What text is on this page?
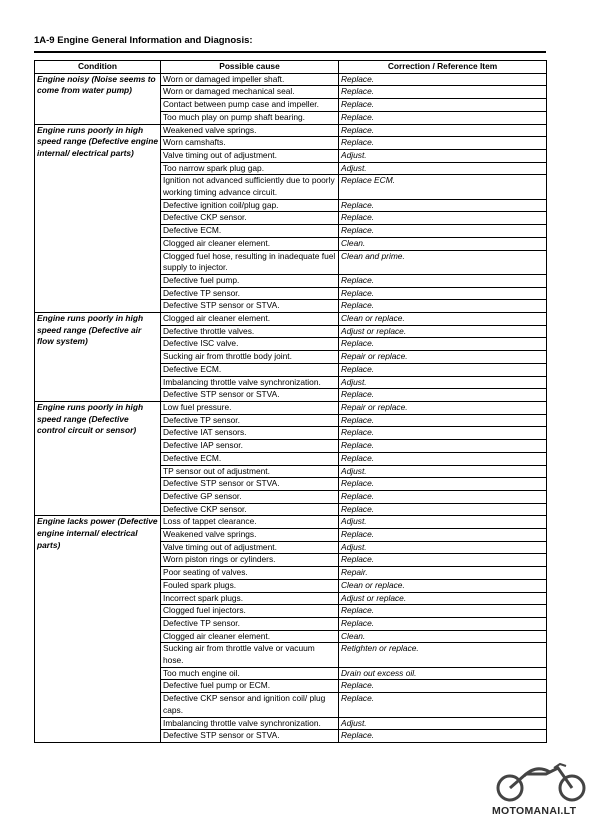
1A-9 Engine General Information and Diagnosis:
Condition	Possible cause	Correction / Reference Item
Engine noisy (Noise seems to come from water pump)	Worn or damaged impeller shaft.	Replace.
	Worn or damaged mechanical seal.	Replace.
	Contact between pump case and impeller.	Replace.
	Too much play on pump shaft bearing.	Replace.
Engine runs poorly in high speed range (Defective engine internal/ electrical parts)	Weakened valve springs.	Replace.
	Worn camshafts.	Replace.
	Valve timing out of adjustment.	Adjust.
	Too narrow spark plug gap.	Adjust.
	Ignition not advanced sufficiently due to poorly working timing advance circuit.	Replace ECM.
	Defective ignition coil/plug gap.	Replace.
	Defective CKP sensor.	Replace.
	Defective ECM.	Replace.
	Clogged air cleaner element.	Clean.
	Clogged fuel hose, resulting in inadequate fuel supply to injector.	Clean and prime.
	Defective fuel pump.	Replace.
	Defective TP sensor.	Replace.
	Defective STP sensor or STVA.	Replace.
Engine runs poorly in high speed range (Defective air flow system)	Clogged air cleaner element.	Clean or replace.
	Defective throttle valves.	Adjust or replace.
	Defective ISC valve.	Replace.
	Sucking air from throttle body joint.	Repair or replace.
	Defective ECM.	Replace.
	Imbalancing throttle valve synchronization.	Adjust.
	Defective STP sensor or STVA.	Replace.
Engine runs poorly in high speed range (Defective control circuit or sensor)	Low fuel pressure.	Repair or replace.
	Defective TP sensor.	Replace.
	Defective IAT sensors.	Replace.
	Defective IAP sensor.	Replace.
	Defective ECM.	Replace.
	TP sensor out of adjustment.	Adjust.
	Defective STP sensor or STVA.	Replace.
	Defective GP sensor.	Replace.
	Defective CKP sensor.	Replace.
Engine lacks power (Defective engine internal/ electrical parts)	Loss of tappet clearance.	Adjust.
	Weakened valve springs.	Replace.
	Valve timing out of adjustment.	Adjust.
	Worn piston rings or cylinders.	Replace.
	Poor seating of valves.	Repair.
	Fouled spark plugs.	Clean or replace.
	Incorrect spark plugs.	Adjust or replace.
	Clogged fuel injectors.	Replace.
	Defective TP sensor.	Replace.
	Clogged air cleaner element.	Clean.
	Sucking air from throttle valve or vacuum hose.	Retighten or replace.
	Too much engine oil.	Drain out excess oil.
	Defective fuel pump or ECM.	Replace.
	Defective CKP sensor and ignition coil/ plug caps.	Replace.
	Imbalancing throttle valve synchronization.	Adjust.
	Defective STP sensor or STVA.	Replace.
MOTOMANAI.LT
